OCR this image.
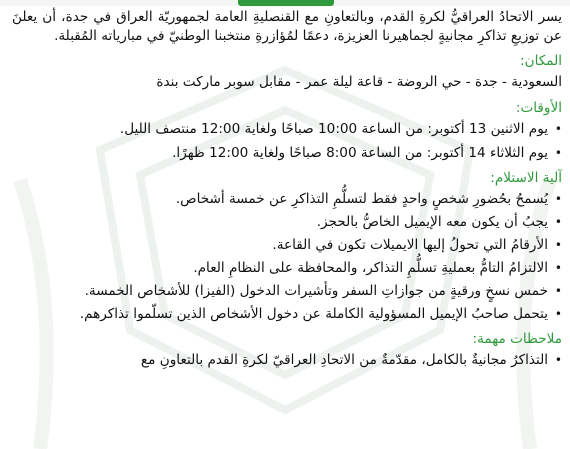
يسر الاتحادُ العراقيُّ لكرةِ القدم، وبالتعاونِ مع القنصليةِ العامة لجمهوريّة العراق في جدة، أن يعلنَ عن توزيعِ تذاكرِ مجانيةٍ لجماهيرنا العزيزة، دعمًا لمُؤازرةِ منتخبنا الوطنيّ في مبارياته المُقبلة.

المكان:

السعودية - جدة - حي الروضة - قاعة ليلة عمر - مقابل سوبر ماركت بندة

الأوقات:
• يوم الاثنين 13 أكتوبر: من الساعة 10:00 صباحًا ولغاية 12:00 منتصف الليل.
• يوم الثلاثاء 14 أكتوبر: من الساعة 8:00 صباحًا ولغاية 12:00 ظهرًا.
آلية الاستلام:
• يُسمحُ بحُضورِ شخصٍ واحدٍ فقط لتسلُّمِ التذاكرِ عن خمسة أشخاص.
• يجبُ أن يكون معه الإيميل الخاصُّ بالحجز.
• الأرقامُ التي تحولُ إليها الايميلات تكون في القاعة.
• الالتزامُ التامُّ بعمليةِ تسلُّمِ التذاكر، والمحافظة على النظامِ العام.
• خمس نسخٍ ورقيةٍ من جوازاتِ السفر وتأشيرات الدخول (الفيزا) للأشخاص الخمسة.
• يتحمل صاحبُ الإيميل المسؤولية الكاملة عن دخول الأشخاص الذين تسلّموا تذاكرهم.
ملاحظات مهمة:
• التذاكرُ مجانيةٌ بالكامل، مقدّمةٌ من الاتحادِ العراقيّ لكرةِ القدم بالتعاونِ مع
